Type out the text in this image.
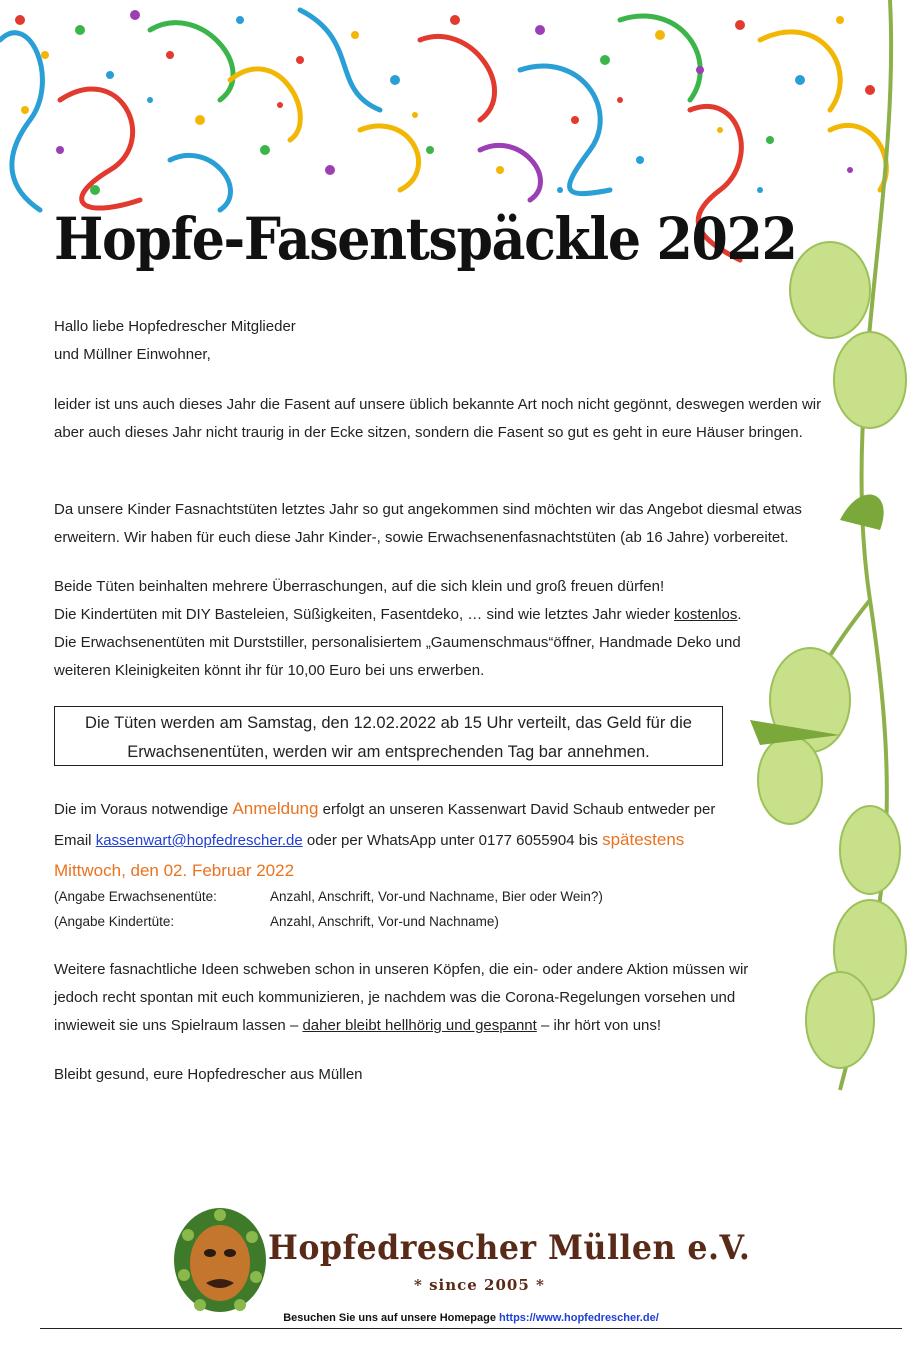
Hopfe-Fasentspäckle 2022
Hallo liebe Hopfedrescher Mitglieder
und Müllner Einwohner,
leider ist uns auch dieses Jahr die Fasent auf unsere üblich bekannte Art noch nicht gegönnt, deswegen werden wir aber auch dieses Jahr nicht traurig in der Ecke sitzen, sondern die Fasent so gut es geht in eure Häuser bringen.
Da unsere Kinder Fasnachtstüten letztes Jahr so gut angekommen sind möchten wir das Angebot diesmal etwas erweitern. Wir haben für euch diese Jahr Kinder-, sowie Erwachsenenfasnachtstüten (ab 16 Jahre) vorbereitet.
Beide Tüten beinhalten mehrere Überraschungen, auf die sich klein und groß freuen dürfen!
Die Kindertüten mit DIY Basteleien, Süßigkeiten, Fasentdeko, … sind wie letztes Jahr wieder kostenlos.
Die Erwachsenentüten mit Durststiller, personalisiertem „Gaumenschmaus“öffner, Handmade Deko und weiteren Kleinigkeiten könnt ihr für 10,00 Euro bei uns erwerben.
Die Tüten werden am Samstag, den 12.02.2022 ab 15 Uhr verteilt, das Geld für die Erwachsenentüten, werden wir am entsprechenden Tag bar annehmen.
Die im Voraus notwendige Anmeldung erfolgt an unseren Kassenwart David Schaub entweder per Email kassenwart@hopfedrescher.de oder per WhatsApp unter 0177 6055904 bis spätestens Mittwoch, den 02. Februar 2022
(Angabe Erwachsenentüte:	Anzahl, Anschrift, Vor-und Nachname, Bier oder Wein?)
(Angabe Kindertüte:	Anzahl, Anschrift, Vor-und Nachname)
Weitere fasnachtliche Ideen schweben schon in unseren Köpfen, die ein- oder andere Aktion müssen wir jedoch recht spontan mit euch kommunizieren, je nachdem was die Corona-Regelungen vorsehen und inwieweit sie uns Spielraum lassen – daher bleibt hellhörig und gespannt – ihr hört von uns!
Bleibt gesund, eure Hopfedrescher aus Müllen
Hopfedrescher Müllen e.V.
* since 2005 *
Besuchen Sie uns auf unsere Homepage https://www.hopfedrescher.de/
